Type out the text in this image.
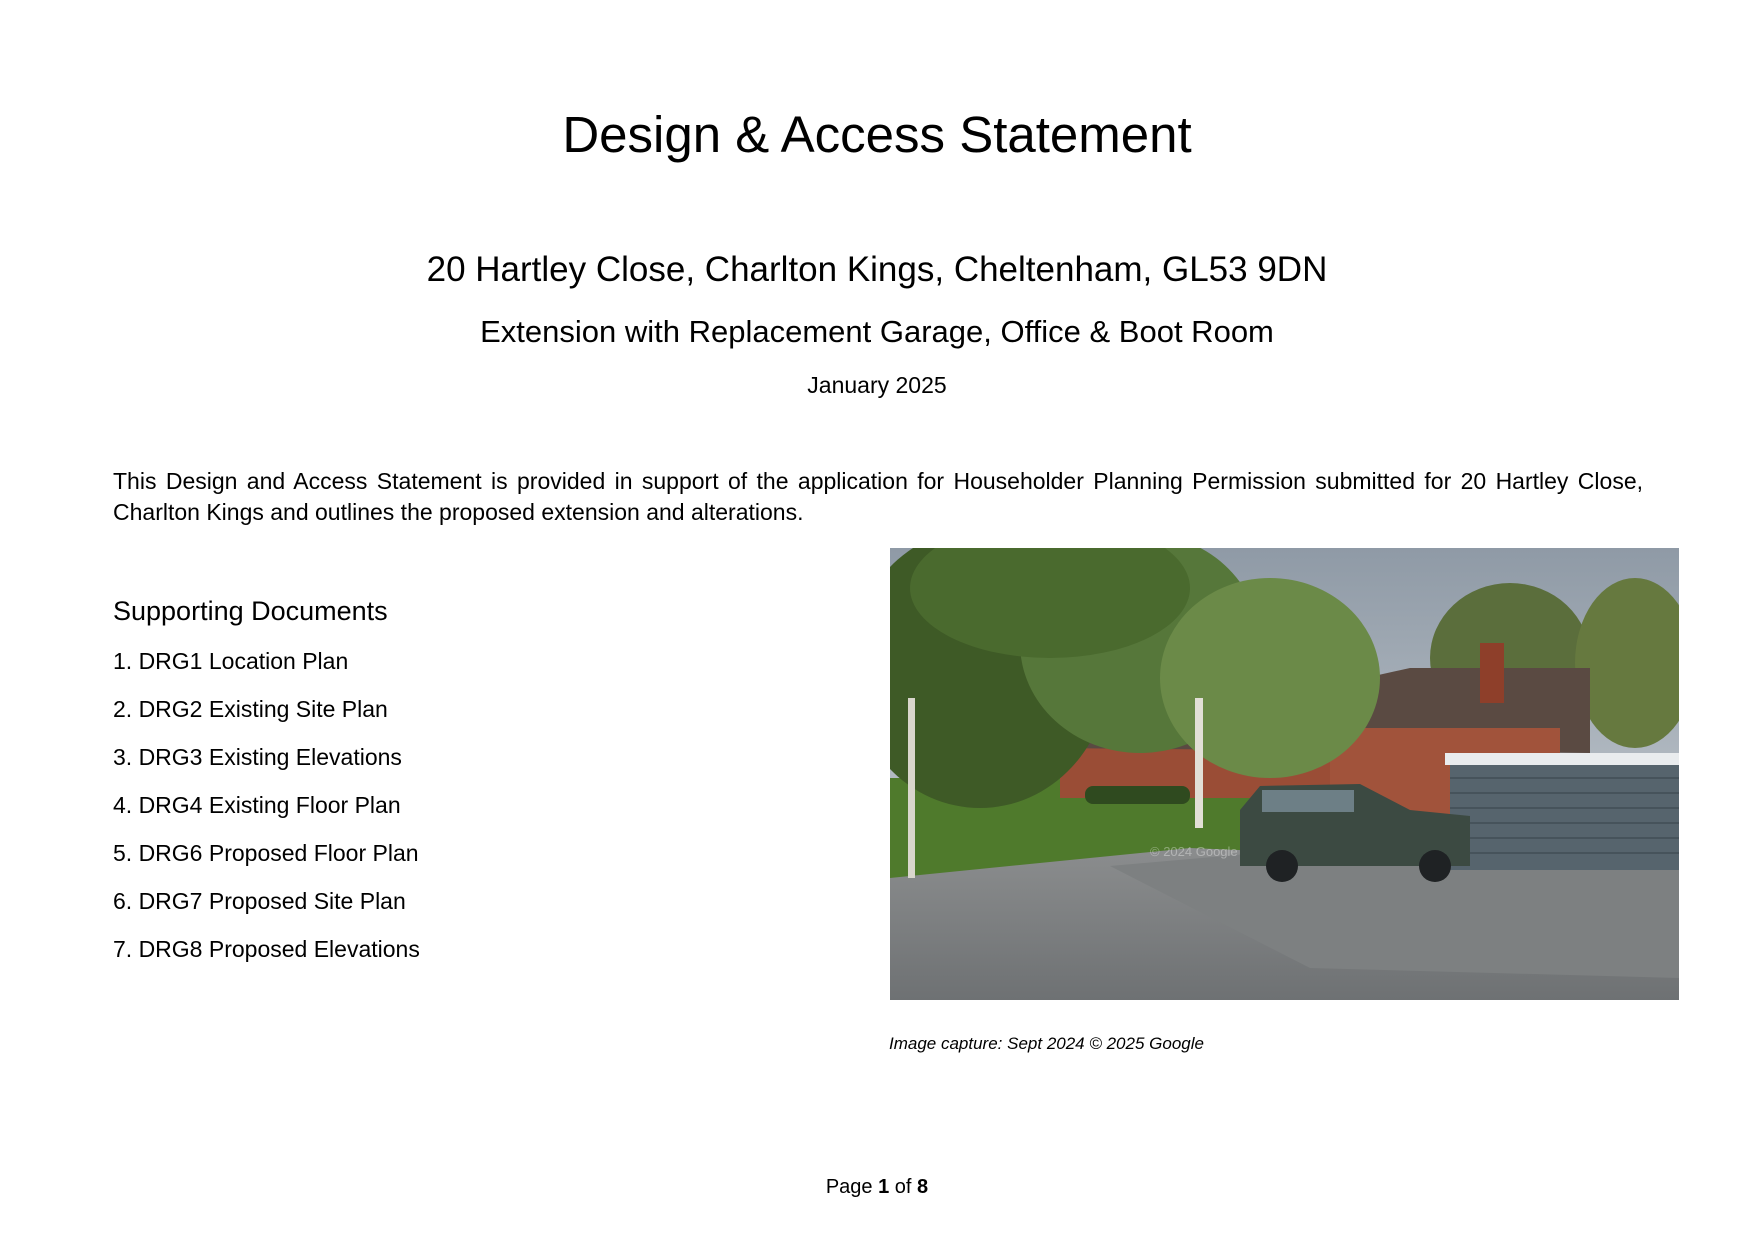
Design & Access Statement
20 Hartley Close, Charlton Kings, Cheltenham, GL53 9DN
Extension with Replacement Garage, Office & Boot Room
January 2025

This Design and Access Statement is provided in support of the application for Householder Planning Permission submitted for 20 Hartley Close, Charlton Kings and outlines the proposed extension and alterations.

Supporting Documents
1. DRG1 Location Plan
2. DRG2 Existing Site Plan
3. DRG3 Existing Elevations
4. DRG4 Existing Floor Plan
5. DRG6 Proposed Floor Plan
6. DRG7 Proposed Site Plan
7. DRG8 Proposed Elevations
© 2024 Google
Image capture: Sept 2024 © 2025 Google
Page 1 of 8
